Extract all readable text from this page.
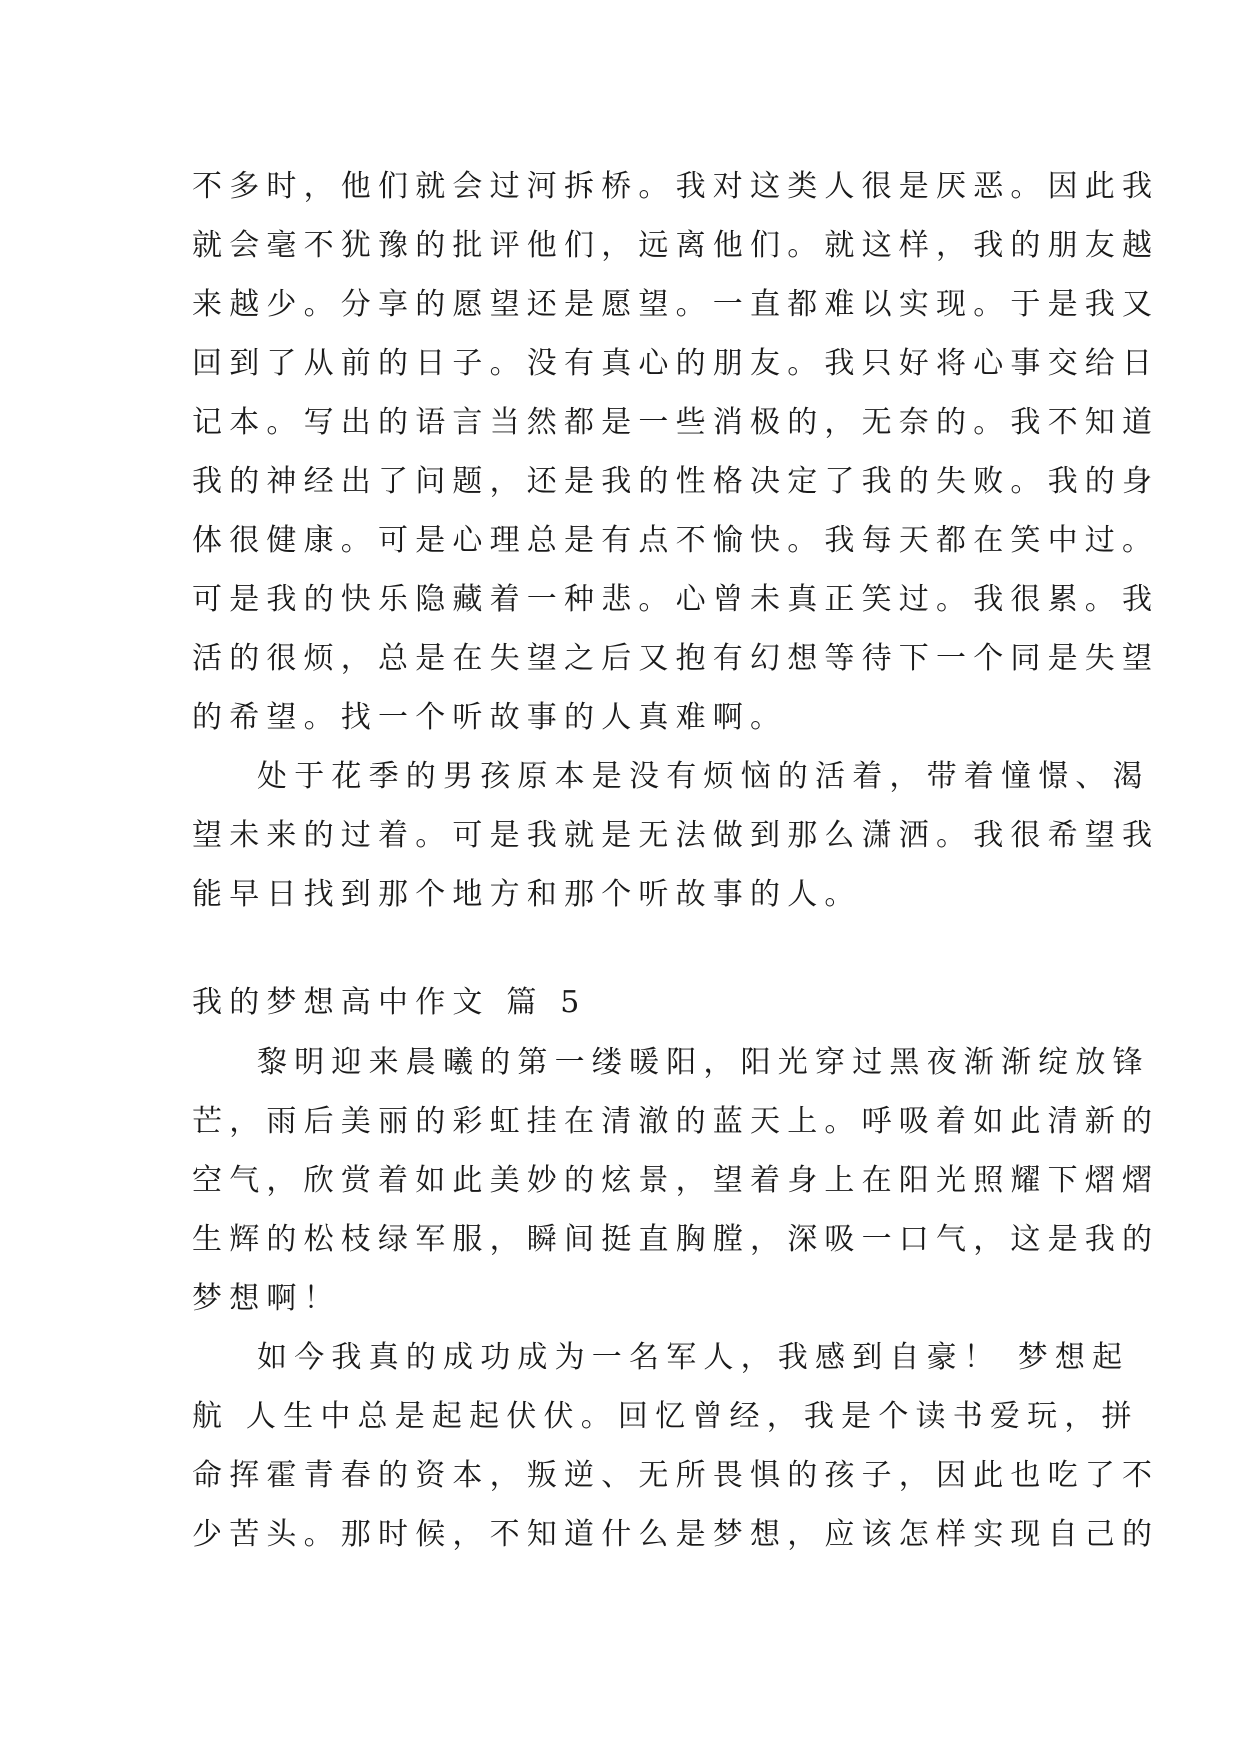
不多时，他们就会过河拆桥。我对这类人很是厌恶。因此我
就会毫不犹豫的批评他们，远离他们。就这样，我的朋友越
来越少。分享的愿望还是愿望。一直都难以实现。于是我又
回到了从前的日子。没有真心的朋友。我只好将心事交给日
记本。写出的语言当然都是一些消极的，无奈的。我不知道
我的神经出了问题，还是我的性格决定了我的失败。我的身
体很健康。可是心理总是有点不愉快。我每天都在笑中过。
可是我的快乐隐藏着一种悲。心曾未真正笑过。我很累。我
活的很烦，总是在失望之后又抱有幻想等待下一个同是失望
的希望。找一个听故事的人真难啊。
处于花季的男孩原本是没有烦恼的活着，带着憧憬、渴
望未来的过着。可是我就是无法做到那么潇洒。我很希望我
能早日找到那个地方和那个听故事的人。
我的梦想高中作文 篇 5
黎明迎来晨曦的第一缕暖阳，阳光穿过黑夜渐渐绽放锋
芒，雨后美丽的彩虹挂在清澈的蓝天上。呼吸着如此清新的
空气，欣赏着如此美妙的炫景，望着身上在阳光照耀下熠熠
生辉的松枝绿军服，瞬间挺直胸膛，深吸一口气，这是我的
梦想啊！
如今我真的成功成为一名军人，我感到自豪！ 梦想起
航 人生中总是起起伏伏。回忆曾经，我是个读书爱玩，拼
命挥霍青春的资本，叛逆、无所畏惧的孩子，因此也吃了不
少苦头。那时候，不知道什么是梦想，应该怎样实现自己的
